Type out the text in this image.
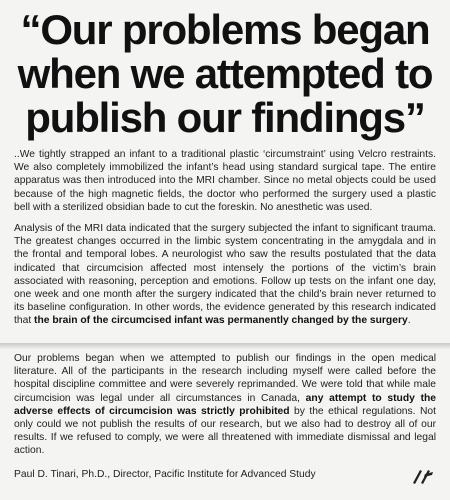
“Our problems began
when we attempted to
publish our findings”

..We tightly strapped an infant to a traditional plastic ‘circumstraint’ using Velcro restraints. We also completely immobilized the infant’s head using standard surgical tape. The entire apparatus was then introduced into the MRI chamber. Since no metal objects could be used because of the high magnetic fields, the doctor who performed the surgery used a plastic bell with a sterilized obsidian bade to cut the foreskin. No anesthetic was used.

Analysis of the MRI data indicated that the surgery subjected the infant to significant trauma. The greatest changes occurred in the limbic system concentrating in the amygdala and in the frontal and temporal lobes. A neurologist who saw the results postulated that the data indicated that circumcision affected most intensely the portions of the victim’s brain associated with reasoning, perception and emotions. Follow up tests on the infant one day, one week and one month after the surgery indicated that the child’s brain never returned to its baseline configuration. In other words, the evidence generated by this research indicated that the brain of the circumcised infant was permanently changed by the surgery.

Our problems began when we attempted to publish our findings in the open medical literature. All of the participants in the research including myself were called before the hospital discipline committee and were severely reprimanded. We were told that while male circumcision was legal under all circumstances in Canada, any attempt to study the adverse effects of circumcision was strictly prohibited by the ethical regulations. Not only could we not publish the results of our research, but we also had to destroy all of our results. If we refused to comply, we were all threatened with immediate dismissal and legal action.

Paul D. Tinari, Ph.D., Director, Pacific Institute for Advanced Study
